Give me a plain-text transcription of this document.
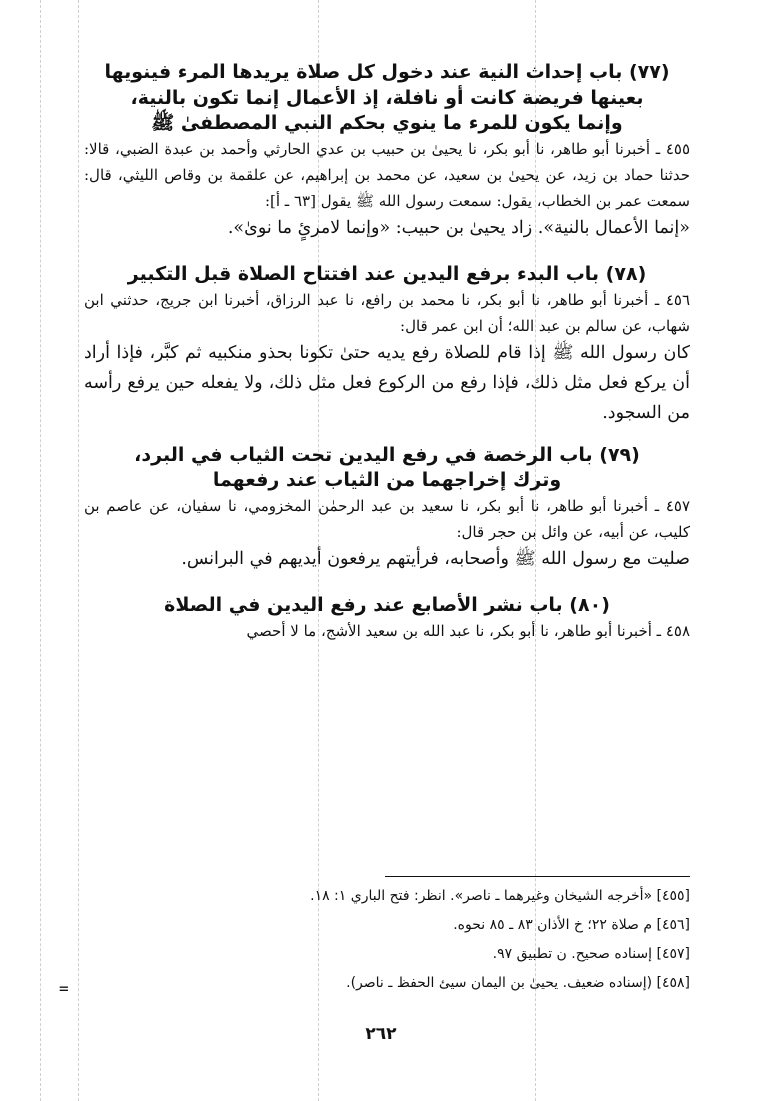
(٧٧) باب إحداث النية عند دخول كل صلاة يريدها المرء فينويها
بعينها فريضة كانت أو نافلة، إذ الأعمال إنما تكون بالنية،
وإنما يكون للمرء ما ينوي بحكم النبي المصطفىٰ ﷺ

٤٥٥ ـ أخبرنا أبو طاهر، نا أبو بكر، نا يحيىٰ بن حبيب بن عدي الحارثي وأحمد بن عبدة الضبي، قالا: حدثنا حماد بن زيد، عن يحيىٰ بن سعيد، عن محمد بن إبراهيم، عن علقمة بن وقاص الليثي، قال: سمعت عمر بن الخطاب، يقول: سمعت رسول الله ﷺ يقول [٦٣ ـ أ]:

«إنما الأعمال بالنية». زاد يحيىٰ بن حبيب: «وإنما لامرئٍ ما نوىٰ».

(٧٨) باب البدء برفع اليدين عند افتتاح الصلاة قبل التكبير

٤٥٦ ـ أخبرنا أبو طاهر، نا أبو بكر، نا محمد بن رافع، نا عبد الرزاق، أخبرنا ابن جريج، حدثني ابن شهاب، عن سالم بن عبد الله؛ أن ابن عمر قال:

كان رسول الله ﷺ إذا قام للصلاة رفع يديه حتىٰ تكونا بحذو منكبيه ثم كبَّر، فإذا أراد أن يركع فعل مثل ذلك، فإذا رفع من الركوع فعل مثل ذلك، ولا يفعله حين يرفع رأسه من السجود.

(٧٩) باب الرخصة في رفع اليدين تحت الثياب في البرد،
وترك إخراجهما من الثياب عند رفعهما

٤٥٧ ـ أخبرنا أبو طاهر، نا أبو بكر، نا سعيد بن عبد الرحمٰن المخزومي، نا سفيان، عن عاصم بن كليب، عن أبيه، عن وائل بن حجر قال:

صليت مع رسول الله ﷺ وأصحابه، فرأيتهم يرفعون أيديهم في البرانس.

(٨٠) باب نشر الأصابع عند رفع اليدين في الصلاة

٤٥٨ ـ أخبرنا أبو طاهر، نا أبو بكر، نا عبد الله بن سعيد الأشج، ما لا أحصي

[٤٥٥] «أخرجه الشيخان وغيرهما ـ ناصر». انظر: فتح الباري ١: ١٨.
[٤٥٦] م صلاة ٢٢؛ خ الأذان ٨٣ ـ ٨٥ نحوه.
[٤٥٧] إسناده صحيح. ن تطبيق ٩٧.
[٤٥٨] (إسناده ضعيف. يحيىٰ بن اليمان سيئ الحفظ ـ ناصر).
=
٢٦٢
